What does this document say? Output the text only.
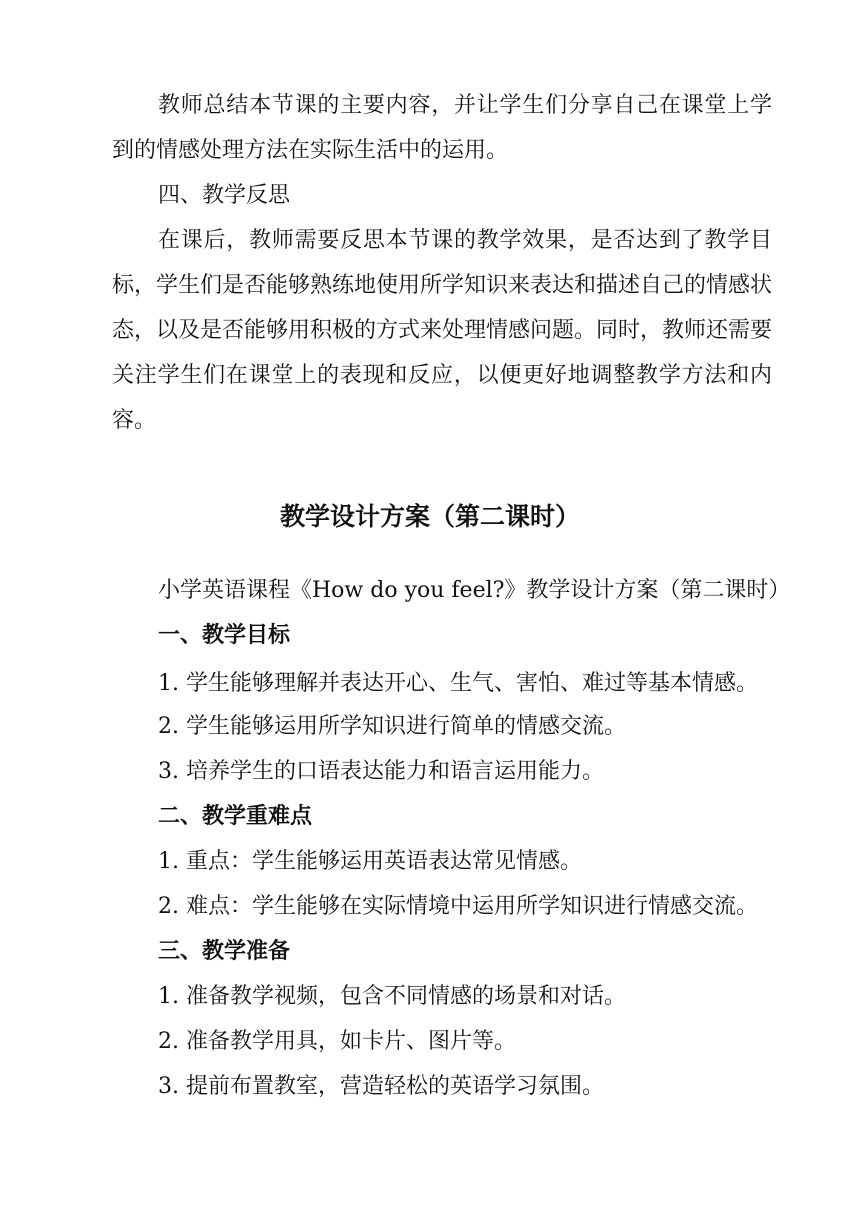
教师总结本节课的主要内容，并让学生们分享自己在课堂上学到的情感处理方法在实际生活中的运用。

四、教学反思

在课后，教师需要反思本节课的教学效果，是否达到了教学目标，学生们是否能够熟练地使用所学知识来表达和描述自己的情感状态，以及是否能够用积极的方式来处理情感问题。同时，教师还需要关注学生们在课堂上的表现和反应，以便更好地调整教学方法和内容。

教学设计方案（第二课时）

小学英语课程《How do you feel?》教学设计方案（第二课时）

一、教学目标

1. 学生能够理解并表达开心、生气、害怕、难过等基本情感。

2. 学生能够运用所学知识进行简单的情感交流。

3. 培养学生的口语表达能力和语言运用能力。

二、教学重难点

1. 重点：学生能够运用英语表达常见情感。

2. 难点：学生能够在实际情境中运用所学知识进行情感交流。

三、教学准备

1. 准备教学视频，包含不同情感的场景和对话。

2. 准备教学用具，如卡片、图片等。

3. 提前布置教室，营造轻松的英语学习氛围。
